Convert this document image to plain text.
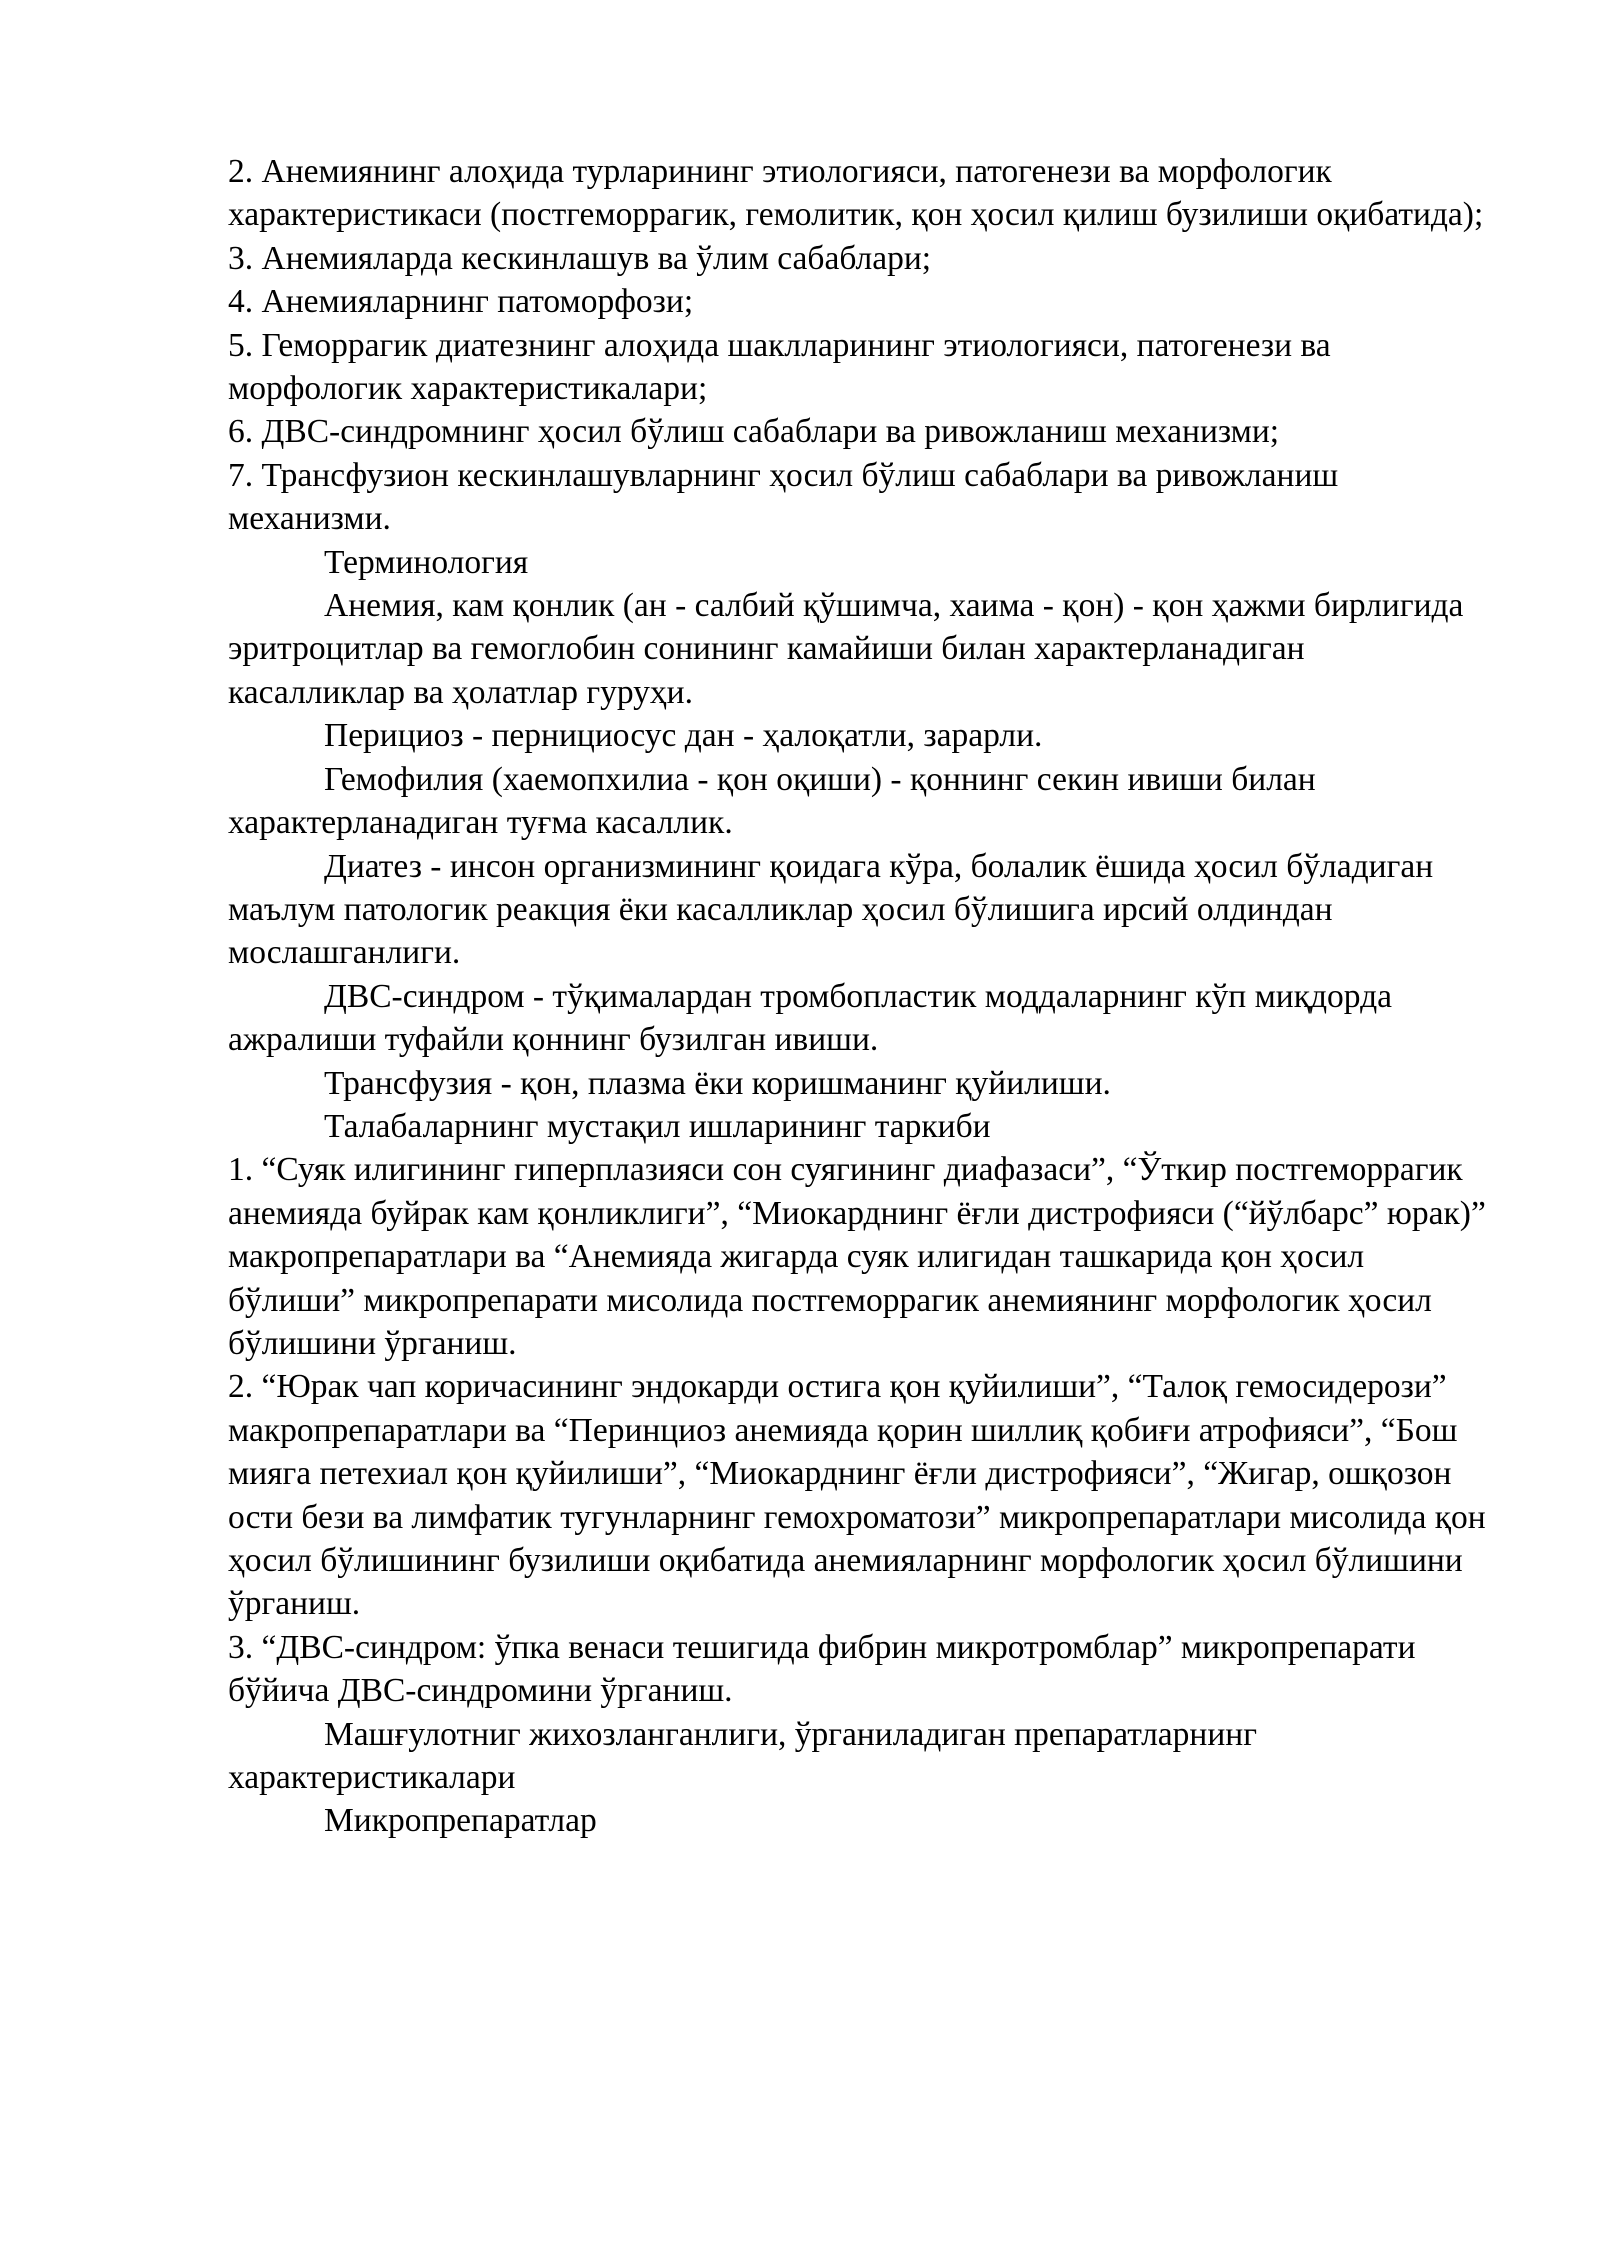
2. Анемиянинг алоҳида турларининг этиологияси, патогенези ва морфологик характеристикаси (постгеморрагик, гемолитик, қон ҳосил қилиш бузилиши оқибатида);

3. Анемияларда кескинлашув ва ўлим сабаблари;

4. Анемияларнинг патоморфози;

5. Геморрагик диатезнинг алоҳида шаклларининг этиологияси, патогенези ва морфологик характеристикалари;

6. ДВС-синдромнинг ҳосил бўлиш сабаблари ва ривожланиш механизми;

7. Трансфузион кескинлашувларнинг ҳосил бўлиш сабаблари ва ривожланиш механизми.

Терминология

Анемия, кам қонлик (ан - салбий қўшимча, хаима - қон) - қон ҳажми бирлигида эритроцитлар ва гемоглобин сонининг камайиши билан характерланадиган касалликлар ва ҳолатлар гуруҳи.

Перициоз - пернициосус дан - ҳалоқатли, зарарли.

Гемофилия (хаемопхилиа - қон оқиши) - қоннинг секин ивиши билан характерланадиган туғма касаллик.

Диатез - инсон организмининг қоидага кўра, болалик ёшида ҳосил бўладиган маълум патологик реакция ёки касалликлар ҳосил бўлишига ирсий олдиндан мослашганлиги.

ДВС-синдром - тўқималардан тромбопластик моддаларнинг кўп миқдорда ажралиши туфайли қоннинг бузилган ивиши.

Трансфузия - қон, плазма ёки коришманинг қуйилиши.

Талабаларнинг мустақил ишларининг таркиби

1. “Суяк илигининг гиперплазияси сон суягининг диафазаси”, “Ўткир постгеморрагик анемияда буйрак кам қонликлиги”, “Миокарднинг ёғли дистрофияси (“йўлбарс” юрак)” макропрепаратлари ва “Анемияда жигарда суяк илигидан ташкарида қон ҳосил бўлиши” микропрепарати мисолида постгеморрагик анемиянинг морфологик ҳосил бўлишини ўрганиш.

2. “Юрак чап коричасининг эндокарди остига қон қуйилиши”, “Талоқ гемосидерози” макропрепаратлари ва “Перинциоз анемияда қорин шиллиқ қобиғи атрофияси”, “Бош мияга петехиал қон қуйилиши”, “Миокарднинг ёғли дистрофияси”, “Жигар, ошқозон ости бези ва лимфатик тугунларнинг гемохроматози” микропрепаратлари мисолида қон ҳосил бўлишининг бузилиши оқибатида анемияларнинг морфологик ҳосил бўлишини ўрганиш.

3. “ДВС-синдром: ўпка венаси тешигида фибрин микротромблар” микропрепарати бўйича ДВС-синдромини ўрганиш.

Машғулотниг жихозланганлиги, ўрганиладиган препаратларнинг характеристикалари

Микропрепаратлар
